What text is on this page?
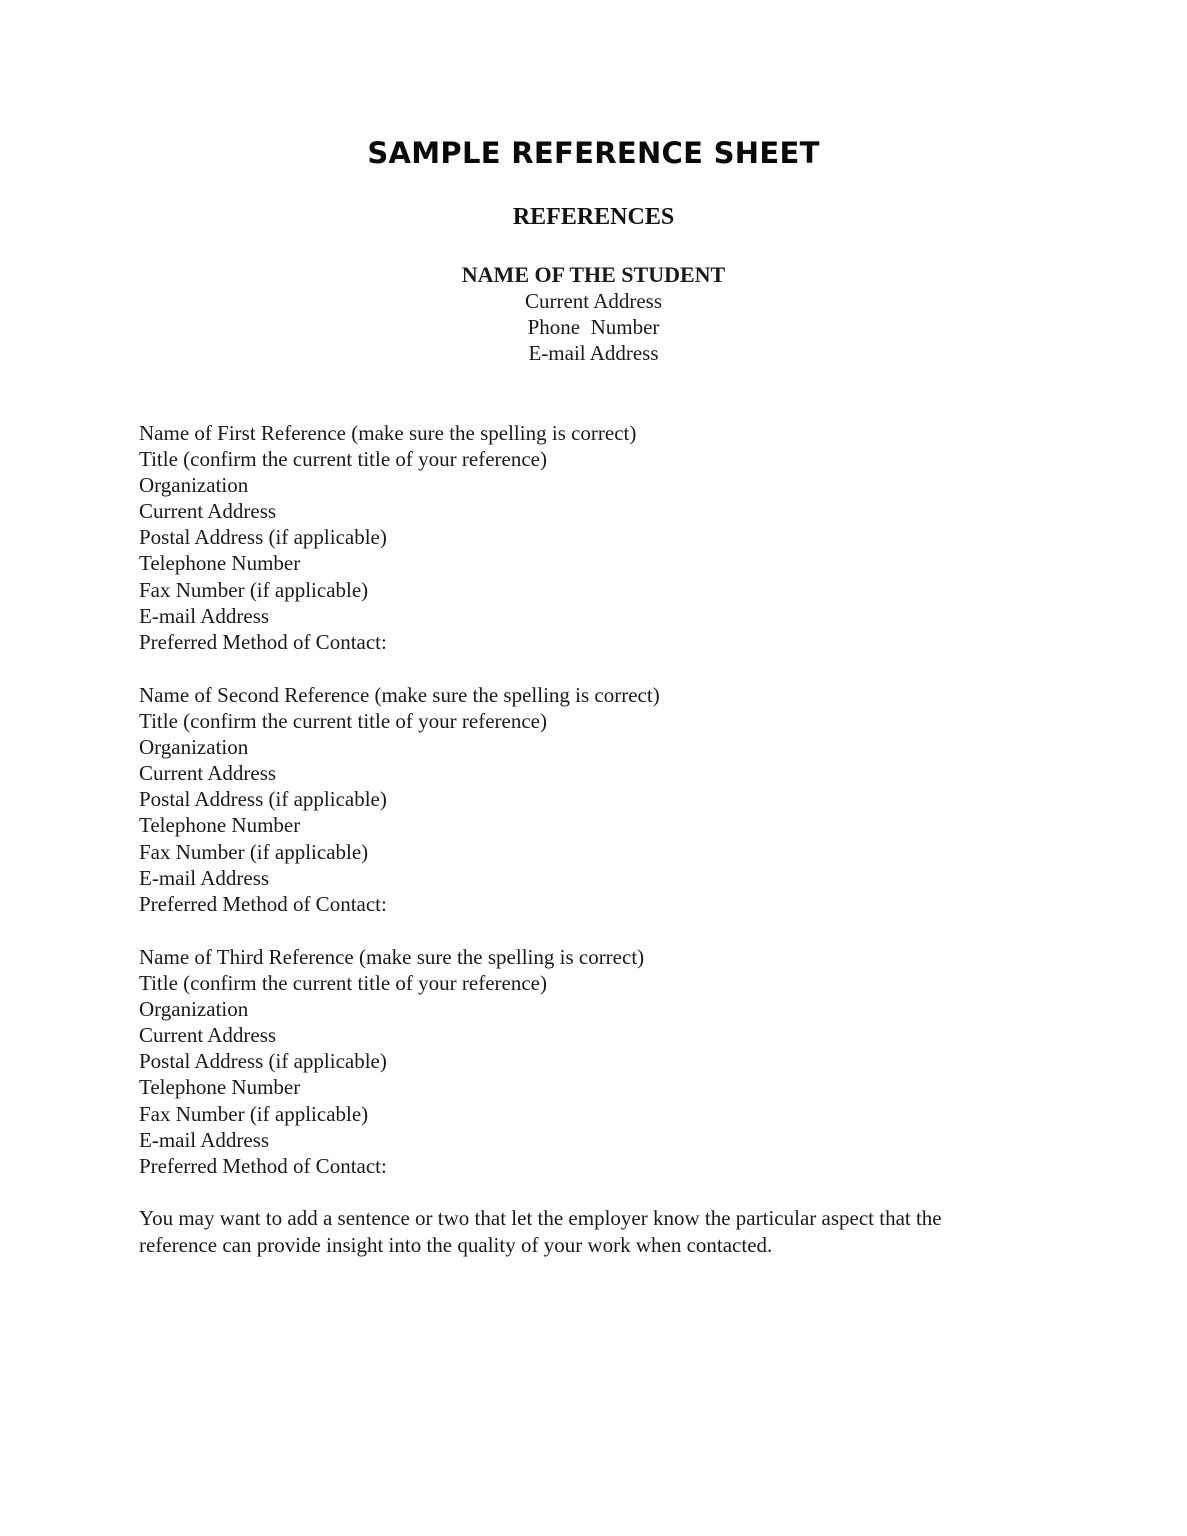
SAMPLE REFERENCE SHEET
REFERENCES
NAME OF THE STUDENT
Current Address
Phone  Number
E-mail Address
Name of First Reference (make sure the spelling is correct)
Title (confirm the current title of your reference)
Organization
Current Address
Postal Address (if applicable)
Telephone Number
Fax Number (if applicable)
E-mail Address
Preferred Method of Contact:
Name of Second Reference (make sure the spelling is correct)
Title (confirm the current title of your reference)
Organization
Current Address
Postal Address (if applicable)
Telephone Number
Fax Number (if applicable)
E-mail Address
Preferred Method of Contact:
Name of Third Reference (make sure the spelling is correct)
Title (confirm the current title of your reference)
Organization
Current Address
Postal Address (if applicable)
Telephone Number
Fax Number (if applicable)
E-mail Address
Preferred Method of Contact:
You may want to add a sentence or two that let the employer know the particular aspect that the
reference can provide insight into the quality of your work when contacted.
